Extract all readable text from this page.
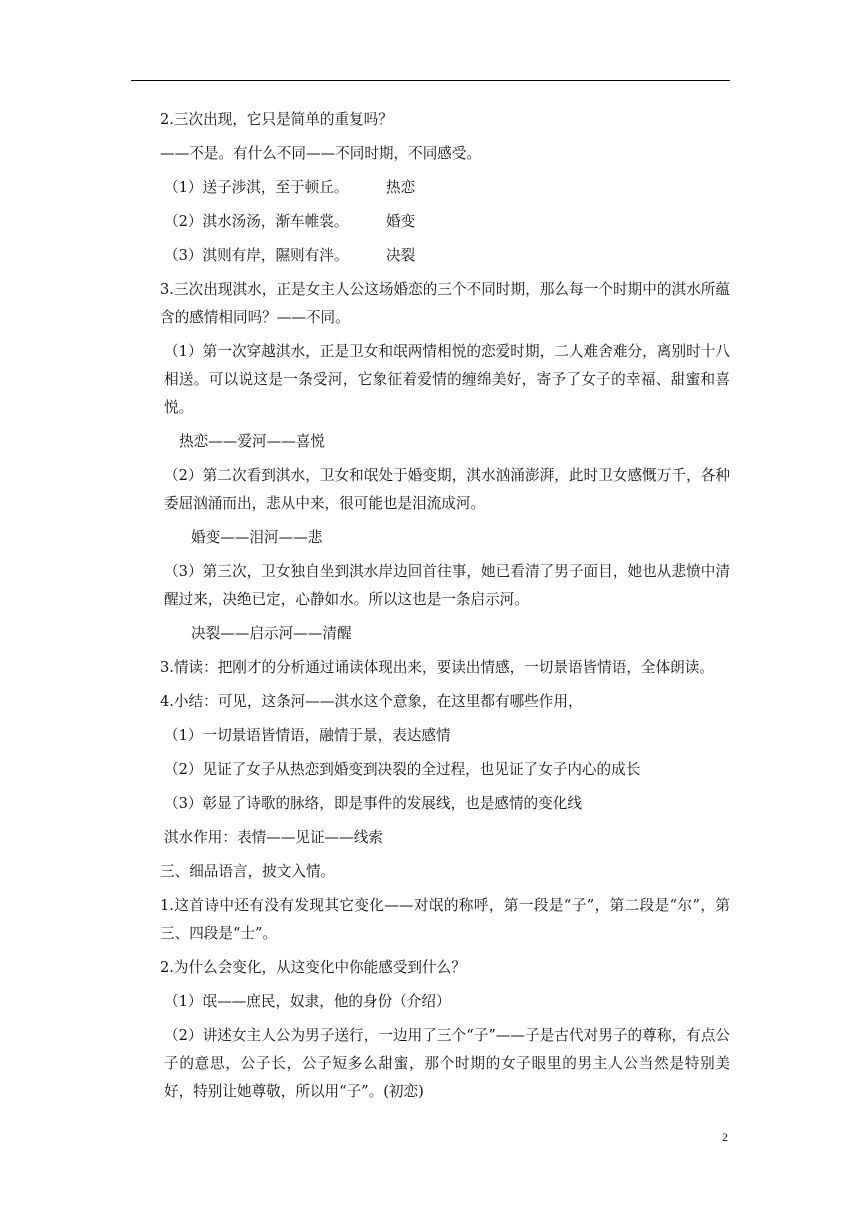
2.三次出现，它只是简单的重复吗？

——不是。有什么不同——不同时期，不同感受。

（1）送子涉淇，至于顿丘。	热恋
（2）淇水汤汤，渐车帷裳。	婚变
（3）淇则有岸，隰则有泮。	决裂

3.三次出现淇水，正是女主人公这场婚恋的三个不同时期，那么每一个时期中的淇水所蕴含的感情相同吗？——不同。

（1）第一次穿越淇水，正是卫女和氓两情相悦的恋爱时期，二人难舍难分，离别时十八相送。可以说这是一条受河，它象征着爱情的缠绵美好，寄予了女子的幸福、甜蜜和喜悦。

热恋——爱河——喜悦

（2）第二次看到淇水，卫女和氓处于婚变期，淇水汹涌澎湃，此时卫女感慨万千，各种委屈汹涌而出，悲从中来，很可能也是泪流成河。

婚变——泪河——悲

（3）第三次，卫女独自坐到淇水岸边回首往事，她已看清了男子面目，她也从悲愤中清醒过来，决绝已定，心静如水。所以这也是一条启示河。

决裂——启示河——清醒

3.情读：把刚才的分析通过诵读体现出来，要读出情感，一切景语皆情语，全体朗读。

4.小结：可见，这条河——淇水这个意象，在这里都有哪些作用，

（1）一切景语皆情语，融情于景，表达感情

（2）见证了女子从热恋到婚变到决裂的全过程，也见证了女子内心的成长

（3）彰显了诗歌的脉络，即是事件的发展线，也是感情的变化线

淇水作用：表情——见证——线索

三、细品语言，披文入情。

1.这首诗中还有没有发现其它变化——对氓的称呼，第一段是“子”，第二段是“尔”，第三、四段是“士”。

2.为什么会变化，从这变化中你能感受到什么？

（1）氓——庶民，奴隶，他的身份（介绍）

（2）讲述女主人公为男子送行，一边用了三个“子”——子是古代对男子的尊称，有点公子的意思，公子长，公子短多么甜蜜，那个时期的女子眼里的男主人公当然是特别美好，特别让她尊敬，所以用“子”。(初恋)

2
